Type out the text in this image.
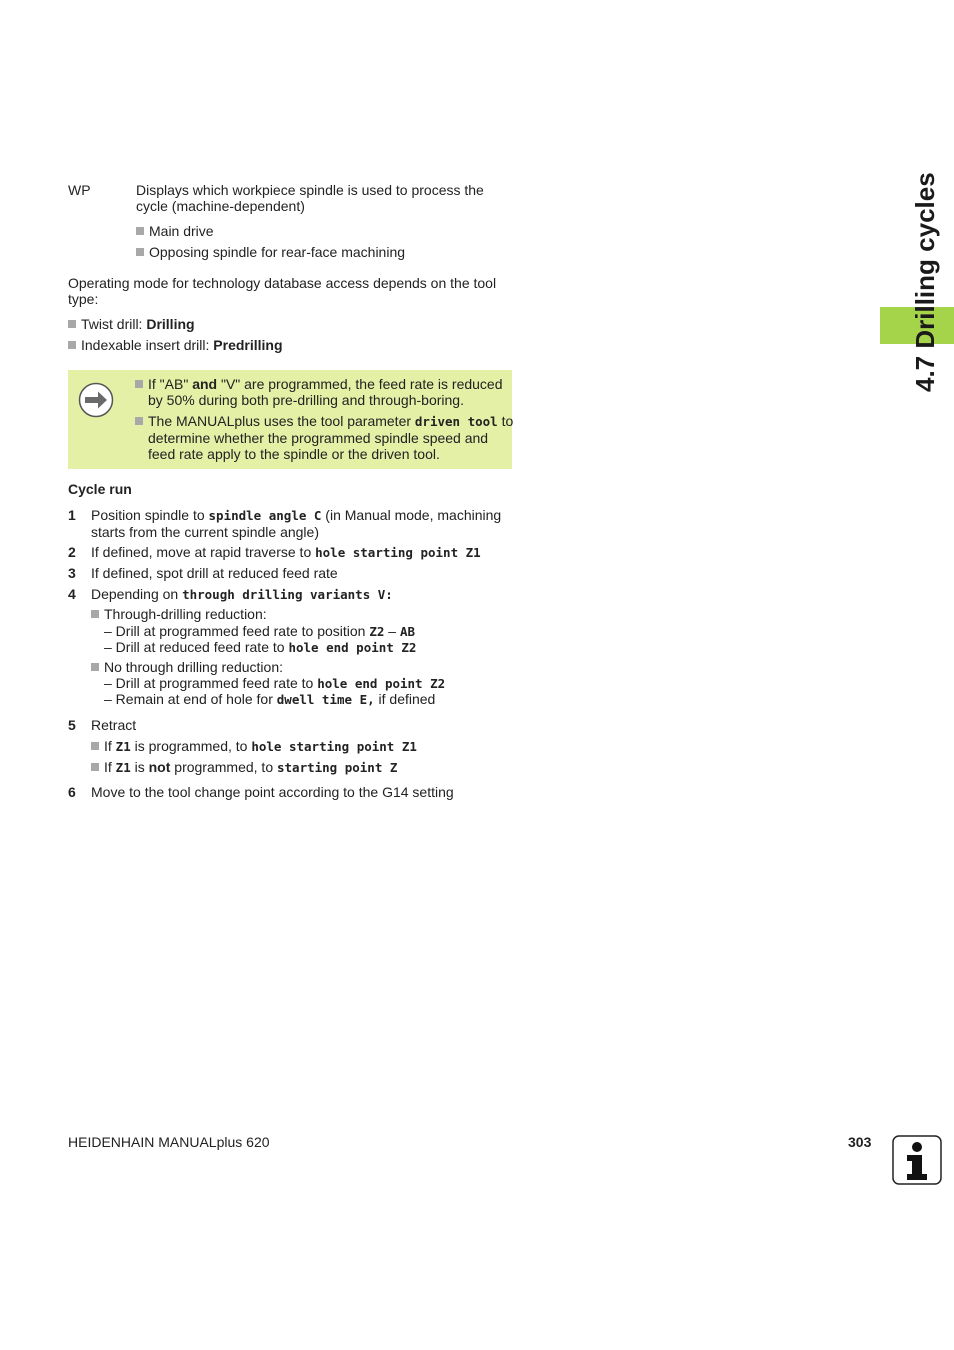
4.7 Drilling cycles
WP	Displays which workpiece spindle is used to process the cycle (machine-dependent)
Main drive
Opposing spindle for rear-face machining
Operating mode for technology database access depends on the tool type:
Twist drill: Drilling
Indexable insert drill: Predrilling
If "AB" and "V" are programmed, the feed rate is reduced by 50% during both pre-drilling and through-boring.
The MANUALplus uses the tool parameter driven tool to determine whether the programmed spindle speed and feed rate apply to the spindle or the driven tool.
Cycle run
1 Position spindle to spindle angle C (in Manual mode, machining starts from the current spindle angle)
2 If defined, move at rapid traverse to hole starting point Z1
3 If defined, spot drill at reduced feed rate
4 Depending on through drilling variants V:
Through-drilling reduction:
– Drill at programmed feed rate to position Z2 – AB
– Drill at reduced feed rate to hole end point Z2
No through drilling reduction:
– Drill at programmed feed rate to hole end point Z2
– Remain at end of hole for dwell time E, if defined
5 Retract
If Z1 is programmed, to hole starting point Z1
If Z1 is not programmed, to starting point Z
6 Move to the tool change point according to the G14 setting
HEIDENHAIN MANUALplus 620	303
